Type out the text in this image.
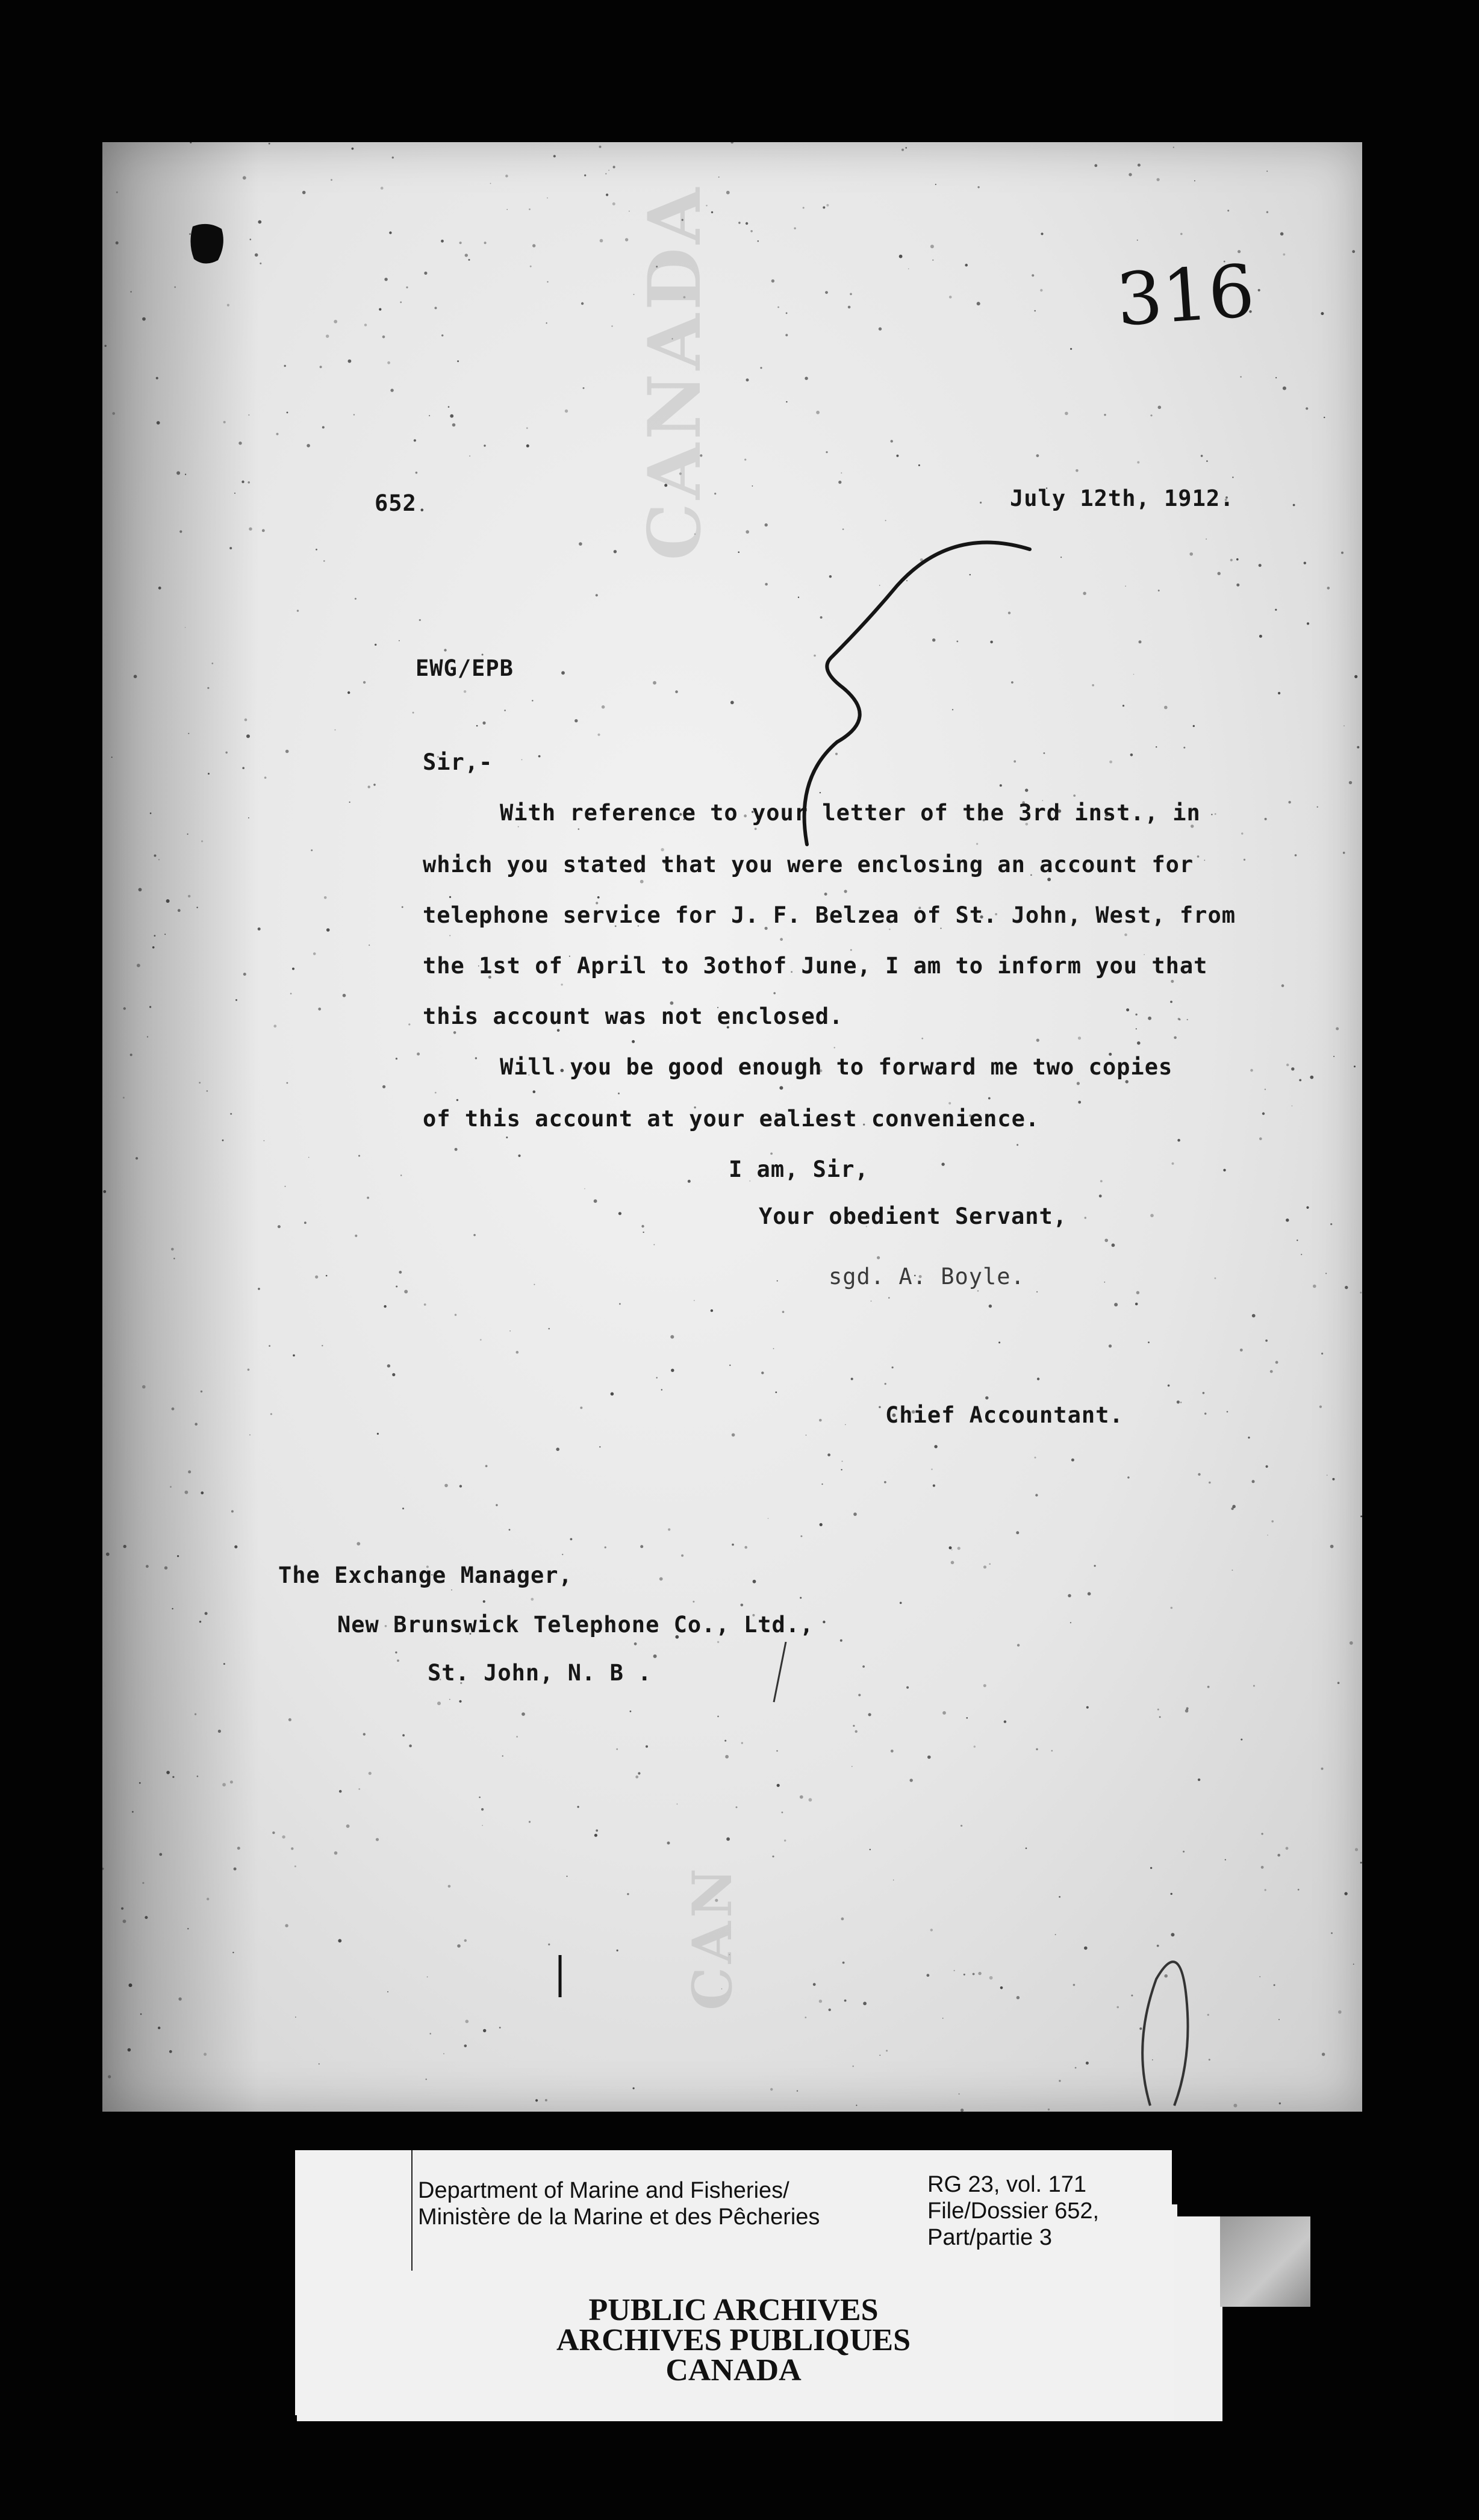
CANADA
CAN
316
652	July 12th, 1912.
EWG/EPB
Sir,-
With reference to your letter of the 3rd inst., in
which you stated that you were enclosing an account for
telephone service for J. F. Belzea of St. John, West, from
the 1st of April to 3othof June, I am to inform you that
this account was not enclosed.
Will you be good enough to forward me two copies
of this account at your ealiest convenience.
I am, Sir,
Your obedient Servant,
sgd. A. Boyle.
Chief Accountant.
The Exchange Manager,
New Brunswick Telephone Co., Ltd.,
St. John, N. B .
Department of Marine and Fisheries/
Ministère de la Marine et des Pêcheries
RG 23, vol. 171
File/Dossier 652,
Part/partie 3
PUBLIC ARCHIVES
ARCHIVES PUBLIQUES
CANADA
